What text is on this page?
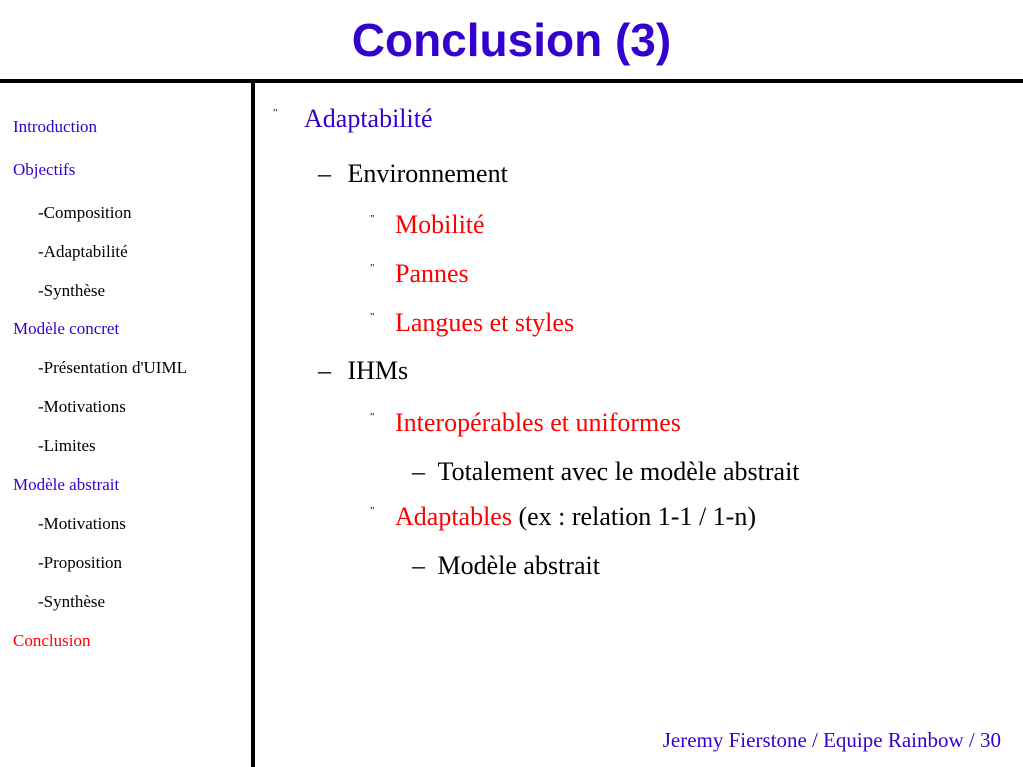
Conclusion (3)
Introduction
Objectifs
-Composition
-Adaptabilité
-Synthèse
Modèle concret
-Présentation d'UIML
-Motivations
-Limites
Modèle abstrait
-Motivations
-Proposition
-Synthèse
Conclusion
" Adaptabilité
– Environnement
" Mobilité
" Pannes
" Langues et styles
– IHMs
" Interopérables et uniformes
– Totalement avec le modèle abstrait
" Adaptables (ex : relation 1-1 / 1-n)
– Modèle abstrait
Jeremy Fierstone / Equipe Rainbow / 30
